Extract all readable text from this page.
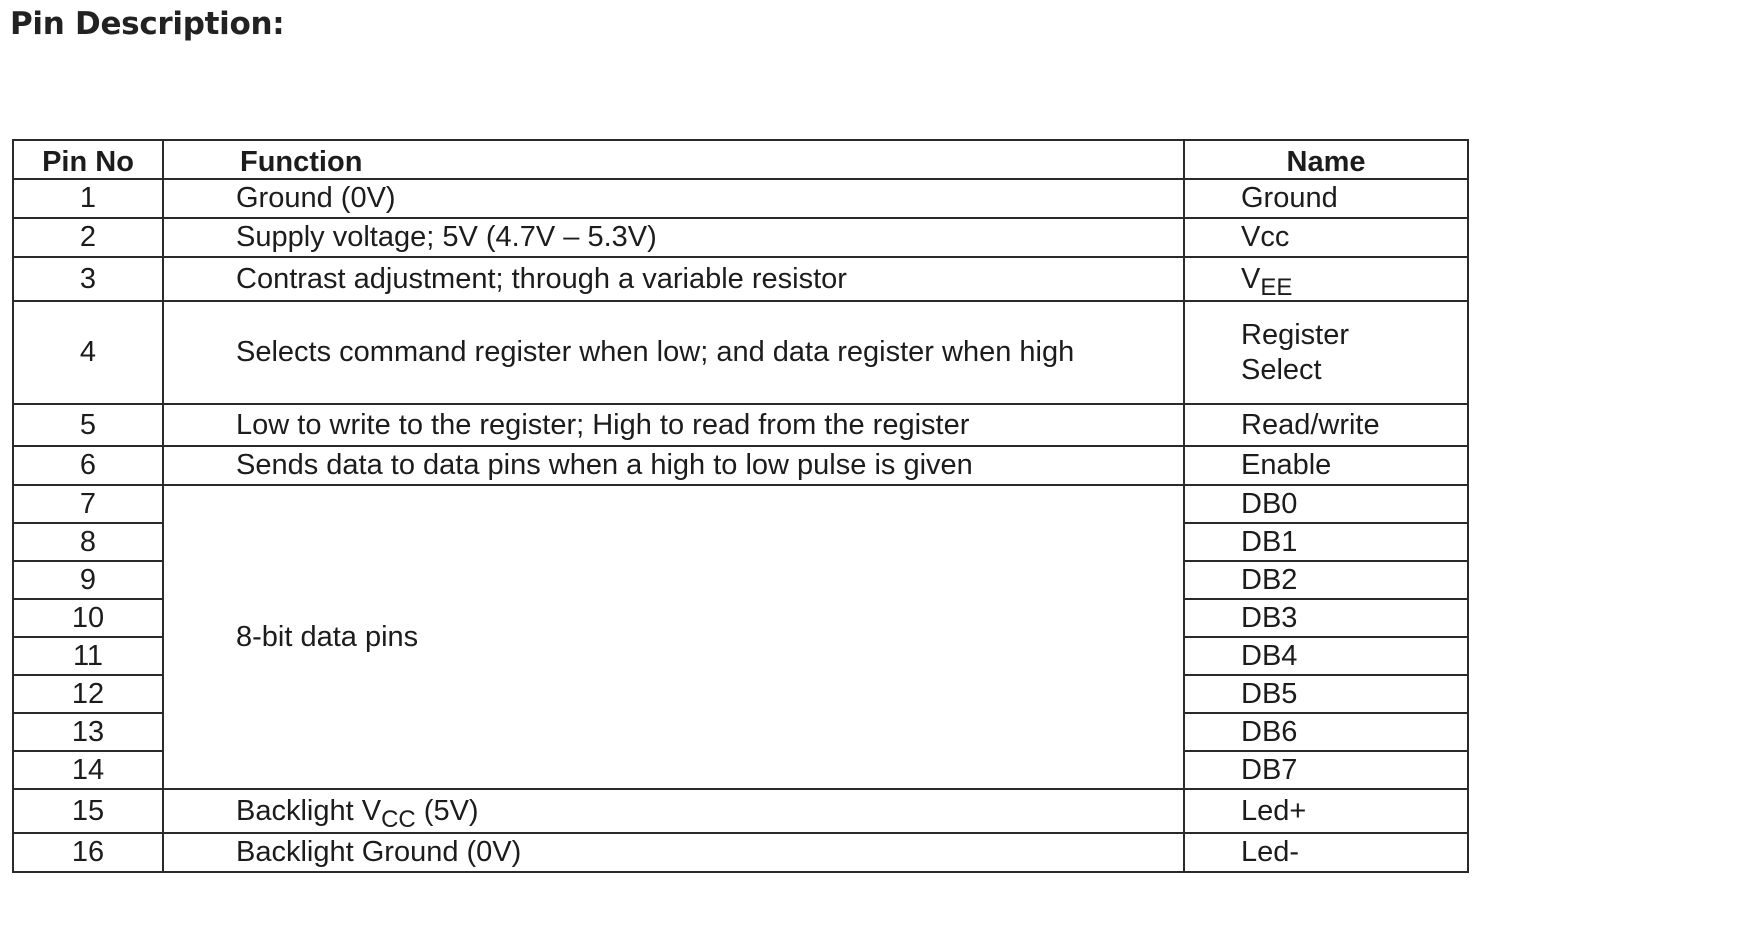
Pin Description:
Pin No	Function	Name
1	Ground (0V)	Ground
2	Supply voltage; 5V (4.7V – 5.3V)	Vcc
3	Contrast adjustment; through a variable resistor	$V_{EE}$
4	Selects command register when low; and data register when high	Register
Select

5	Low to write to the register; High to read from the register	Read/write
6	Sends data to data pins when a high to low pulse is given	Enable
7	8-bit data pins	DB0
8		DB1
9		DB2
10		DB3
11		DB4
12		DB5
13		DB6
14		DB7
15	Backlight $V_{CC}$ (5V)	Led+
16	Backlight Ground (0V)	Led-
